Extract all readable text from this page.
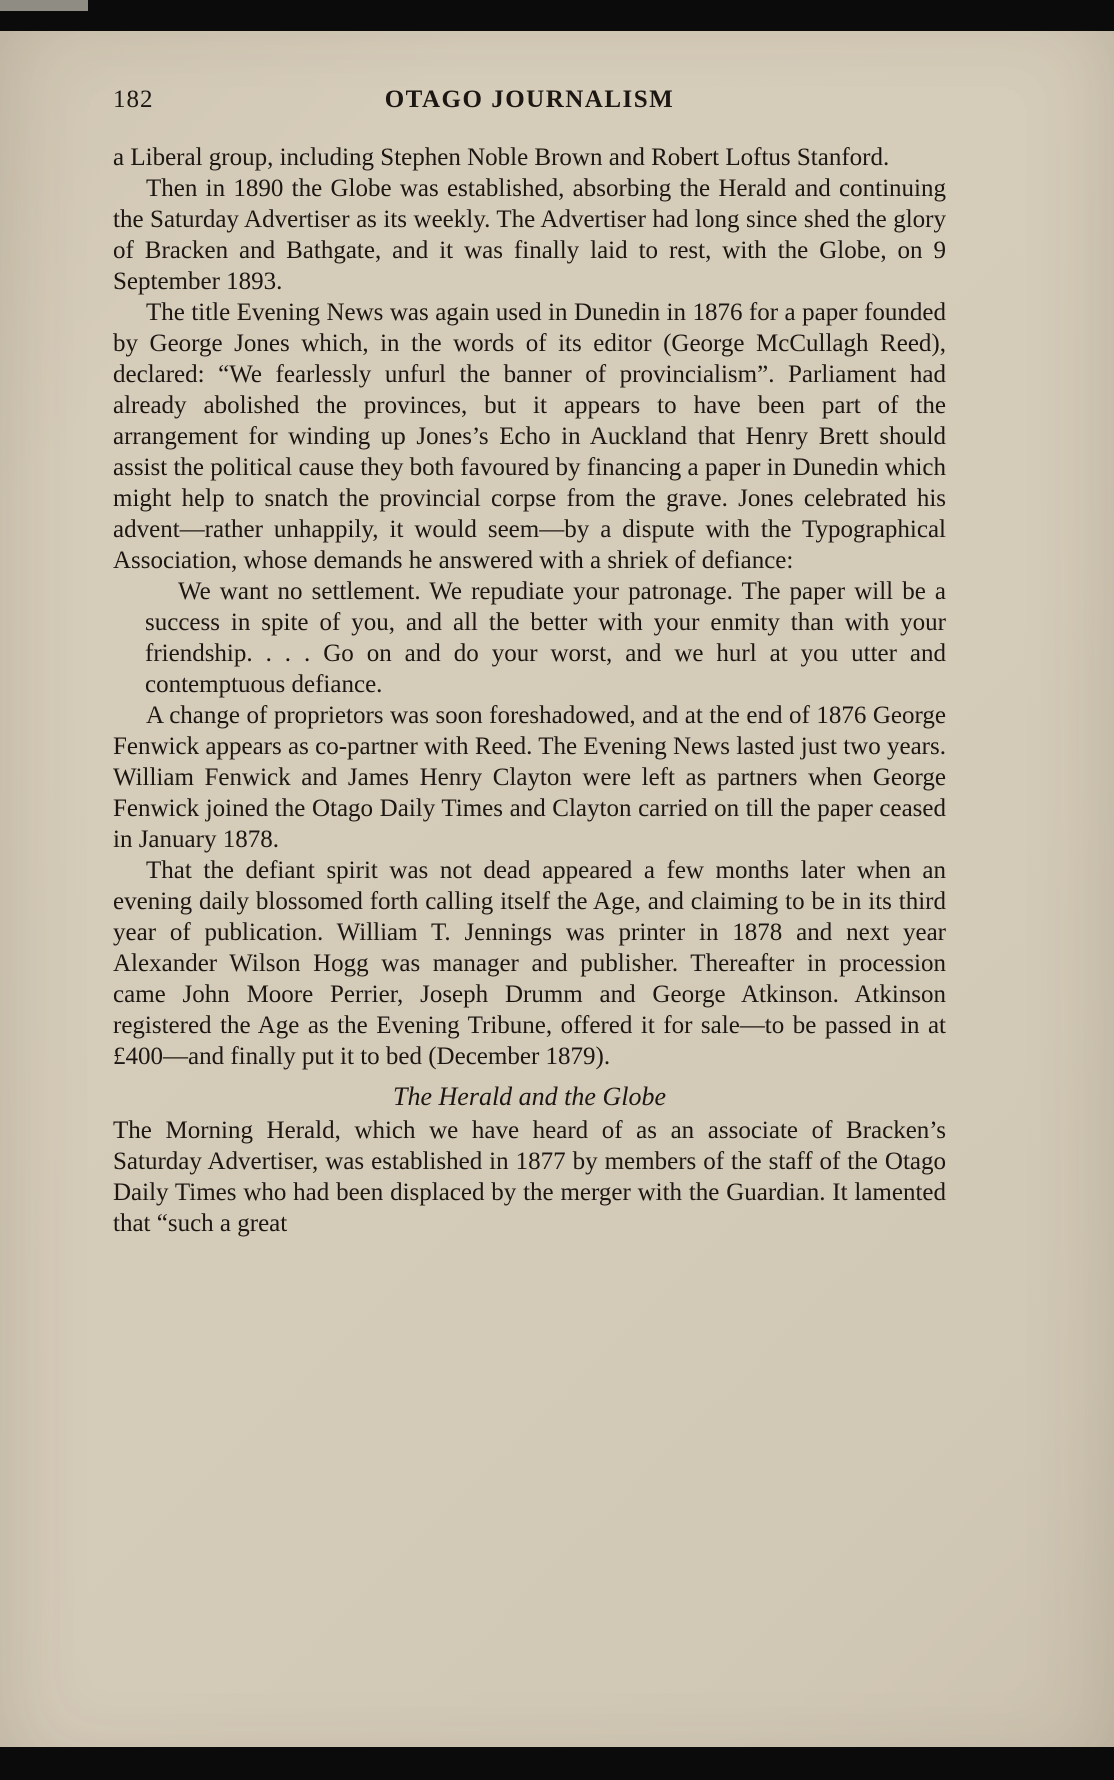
182	OTAGO JOURNALISM

a Liberal group, including Stephen Noble Brown and Robert Loftus Stanford.

Then in 1890 the Globe was established, absorbing the Herald and continuing the Saturday Advertiser as its weekly. The Advertiser had long since shed the glory of Bracken and Bathgate, and it was finally laid to rest, with the Globe, on 9 September 1893.

The title Evening News was again used in Dunedin in 1876 for a paper founded by George Jones which, in the words of its editor (George McCullagh Reed), declared: “We fearlessly unfurl the banner of provincialism”. Parliament had already abolished the provinces, but it appears to have been part of the arrangement for winding up Jones’s Echo in Auckland that Henry Brett should assist the political cause they both favoured by financing a paper in Dunedin which might help to snatch the provincial corpse from the grave. Jones celebrated his advent—rather unhappily, it would seem—by a dispute with the Typographical Association, whose demands he answered with a shriek of defiance:

We want no settlement. We repudiate your patronage. The paper will be a success in spite of you, and all the better with your enmity than with your friendship. . . . Go on and do your worst, and we hurl at you utter and contemptuous defiance.

A change of proprietors was soon foreshadowed, and at the end of 1876 George Fenwick appears as co-partner with Reed. The Evening News lasted just two years. William Fenwick and James Henry Clayton were left as partners when George Fenwick joined the Otago Daily Times and Clayton carried on till the paper ceased in January 1878.

That the defiant spirit was not dead appeared a few months later when an evening daily blossomed forth calling itself the Age, and claiming to be in its third year of publication. William T. Jennings was printer in 1878 and next year Alexander Wilson Hogg was manager and publisher. Thereafter in procession came John Moore Perrier, Joseph Drumm and George Atkinson. Atkinson registered the Age as the Evening Tribune, offered it for sale—to be passed in at £400—and finally put it to bed (December 1879).

The Herald and the Globe

The Morning Herald, which we have heard of as an associate of Bracken’s Saturday Advertiser, was established in 1877 by members of the staff of the Otago Daily Times who had been displaced by the merger with the Guardian. It lamented that “such a great
